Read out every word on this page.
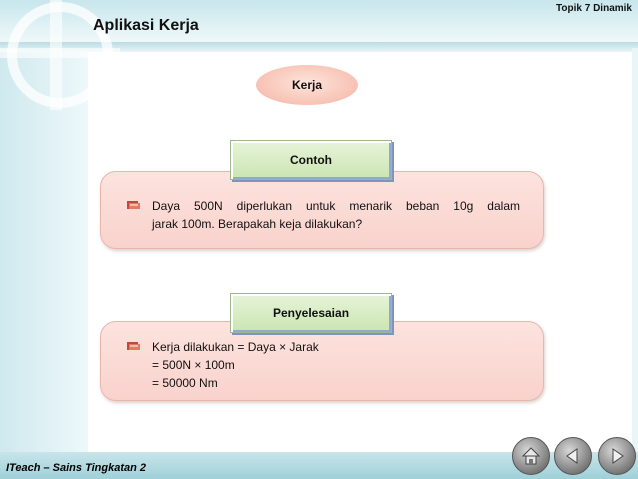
Topik 7 Dinamik
Aplikasi Kerja
Kerja
Contoh
Daya 500N diperlukan untuk menarik beban 10g dalam
jarak 100m. Berapakah keja dilakukan?
Penyelesaian
Kerja dilakukan = Daya × Jarak
= 500N × 100m
= 50000 Nm
ITeach – Sains Tingkatan 2
